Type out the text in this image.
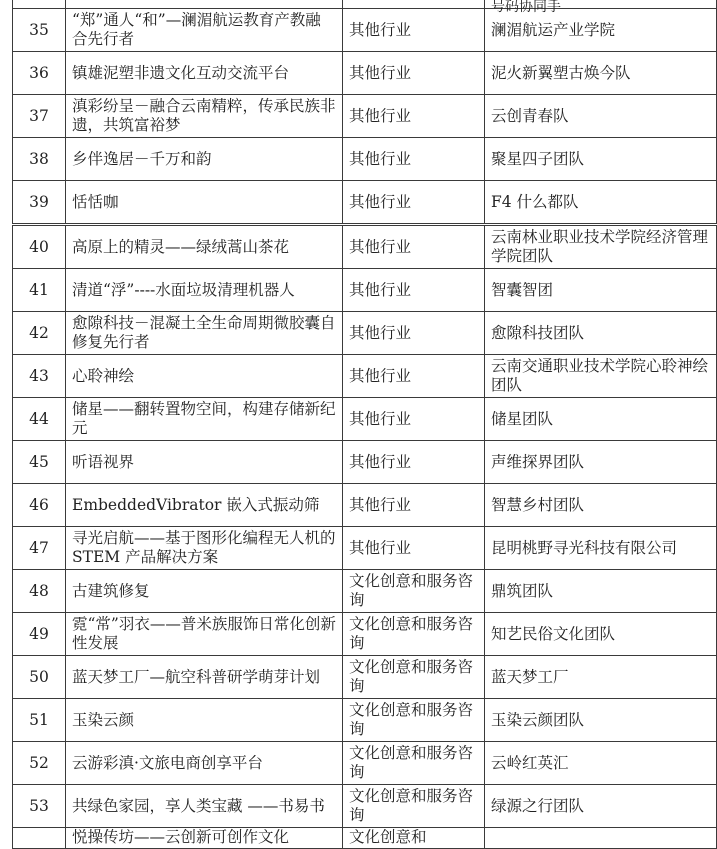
			号码协同手

35	“郑”通人“和”—澜湄航运教育产教融合先行者	其他行业	澜湄航运产业学院
36	镇雄泥塑非遗文化互动交流平台	其他行业	泥火新翼塑古焕今队
37	滇彩纷呈－融合云南精粹，传承民族非遗，共筑富裕梦	其他行业	云创青春队
38	乡伴逸居－千万和韵	其他行业	聚星四子团队
39	恬恬咖	其他行业	F4 什么都队
40	高原上的精灵——绿绒蒿山茶花	其他行业	云南林业职业技术学院经济管理学院团队
41	清道“浮”----水面垃圾清理机器人	其他行业	智囊智团
42	愈隙科技－混凝土全生命周期微胶囊自修复先行者	其他行业	愈隙科技团队
43	心聆神绘	其他行业	云南交通职业技术学院心聆神绘团队
44	储星——翻转置物空间，构建存储新纪元	其他行业	储星团队
45	听语视界	其他行业	声维探界团队
46	EmbeddedVibrator 嵌入式振动筛	其他行业	智慧乡村团队
47	寻光启航——基于图形化编程无人机的 STEM 产品解决方案	其他行业	昆明桃野寻光科技有限公司
48	古建筑修复	文化创意和服务咨询	鼎筑团队
49	霓“常”羽衣——普米族服饰日常化创新性发展	文化创意和服务咨询	知艺民俗文化团队
50	蓝天梦工厂—航空科普研学萌芽计划	文化创意和服务咨询	蓝天梦工厂
51	玉染云颜	文化创意和服务咨询	玉染云颜团队
52	云游彩滇·文旅电商创享平台	文化创意和服务咨询	云岭红英汇
53	共绿色家园，享人类宝藏 ——书易书	文化创意和服务咨询	绿源之行团队

	悦操传坊——云创新可创作文化	文化创意和	
